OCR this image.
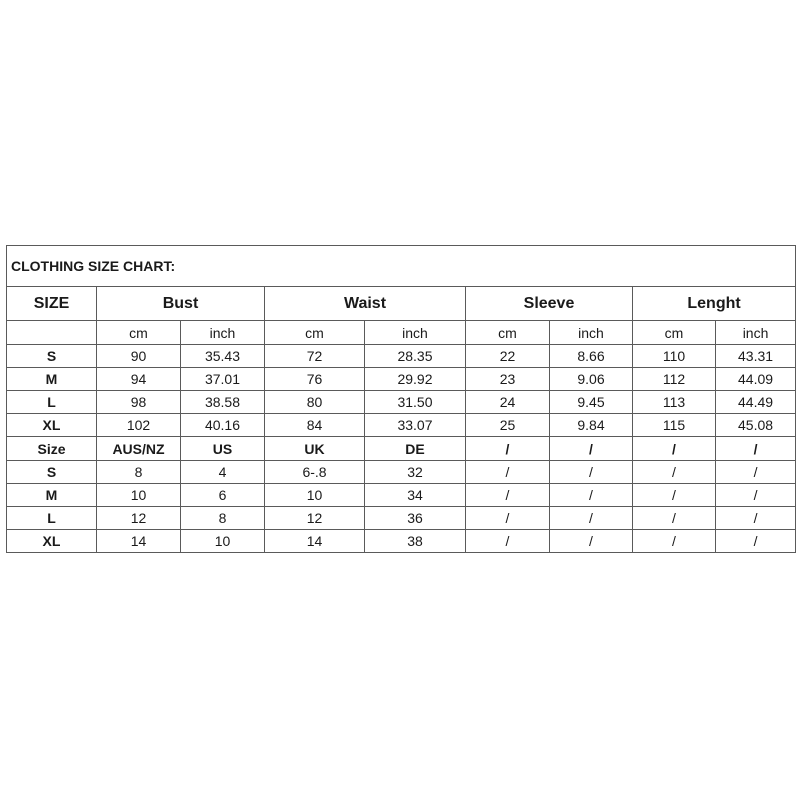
CLOTHING SIZE CHART:								
SIZE	Bust		Waist		Sleeve		Lenght	
	cm	inch	cm	inch	cm	inch	cm	inch
S	90	35.43	72	28.35	22	8.66	110	43.31
M	94	37.01	76	29.92	23	9.06	112	44.09
L	98	38.58	80	31.50	24	9.45	113	44.49
XL	102	40.16	84	33.07	25	9.84	115	45.08
Size	AUS/NZ	US	UK	DE	/	/	/	/
S	8	4	6-.8	32	/	/	/	/
M	10	6	10	34	/	/	/	/
L	12	8	12	36	/	/	/	/
XL	14	10	14	38	/	/	/	/
